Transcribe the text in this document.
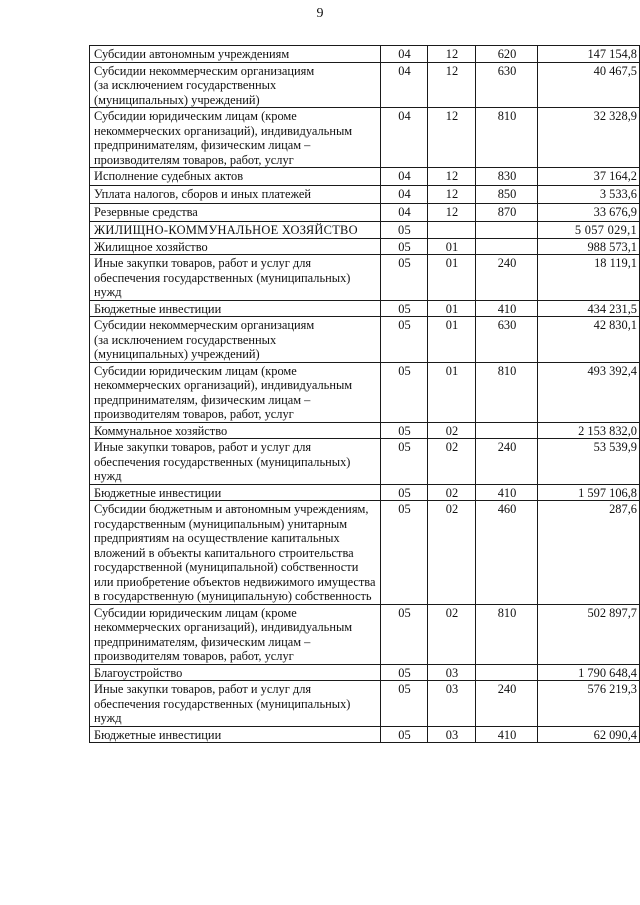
9
Субсидии автономным учреждениям	04	12	620	147 154,8
Субсидии некоммерческим организациям
(за исключением государственных
(муниципальных) учреждений)	04	12	630	40 467,5
Субсидии юридическим лицам (кроме некоммерческих организаций), индивидуальным предпринимателям, физическим лицам – производителям товаров, работ, услуг	04	12	810	32 328,9
Исполнение судебных актов	04	12	830	37 164,2
Уплата налогов, сборов и иных платежей	04	12	850	3 533,6
Резервные средства	04	12	870	33 676,9
ЖИЛИЩНО-КОММУНАЛЬНОЕ ХОЗЯЙСТВО	05			5 057 029,1
Жилищное хозяйство	05	01		988 573,1
Иные закупки товаров, работ и услуг для обеспечения государственных (муниципальных) нужд	05	01	240	18 119,1
Бюджетные инвестиции	05	01	410	434 231,5
Субсидии некоммерческим организациям
(за исключением государственных
(муниципальных) учреждений)	05	01	630	42 830,1
Субсидии юридическим лицам (кроме некоммерческих организаций), индивидуальным предпринимателям, физическим лицам – производителям товаров, работ, услуг	05	01	810	493 392,4
Коммунальное хозяйство	05	02		2 153 832,0
Иные закупки товаров, работ и услуг для обеспечения государственных (муниципальных) нужд	05	02	240	53 539,9
Бюджетные инвестиции	05	02	410	1 597 106,8
Субсидии бюджетным и автономным учреждениям, государственным (муниципальным) унитарным предприятиям на осуществление капитальных вложений в объекты капитального строительства государственной (муниципальной) собственности или приобретение объектов недвижимого имущества в государственную (муниципальную) собственность	05	02	460	287,6
Субсидии юридическим лицам (кроме некоммерческих организаций), индивидуальным предпринимателям, физическим лицам – производителям товаров, работ, услуг	05	02	810	502 897,7
Благоустройство	05	03		1 790 648,4
Иные закупки товаров, работ и услуг для обеспечения государственных (муниципальных) нужд	05	03	240	576 219,3
Бюджетные инвестиции	05	03	410	62 090,4
